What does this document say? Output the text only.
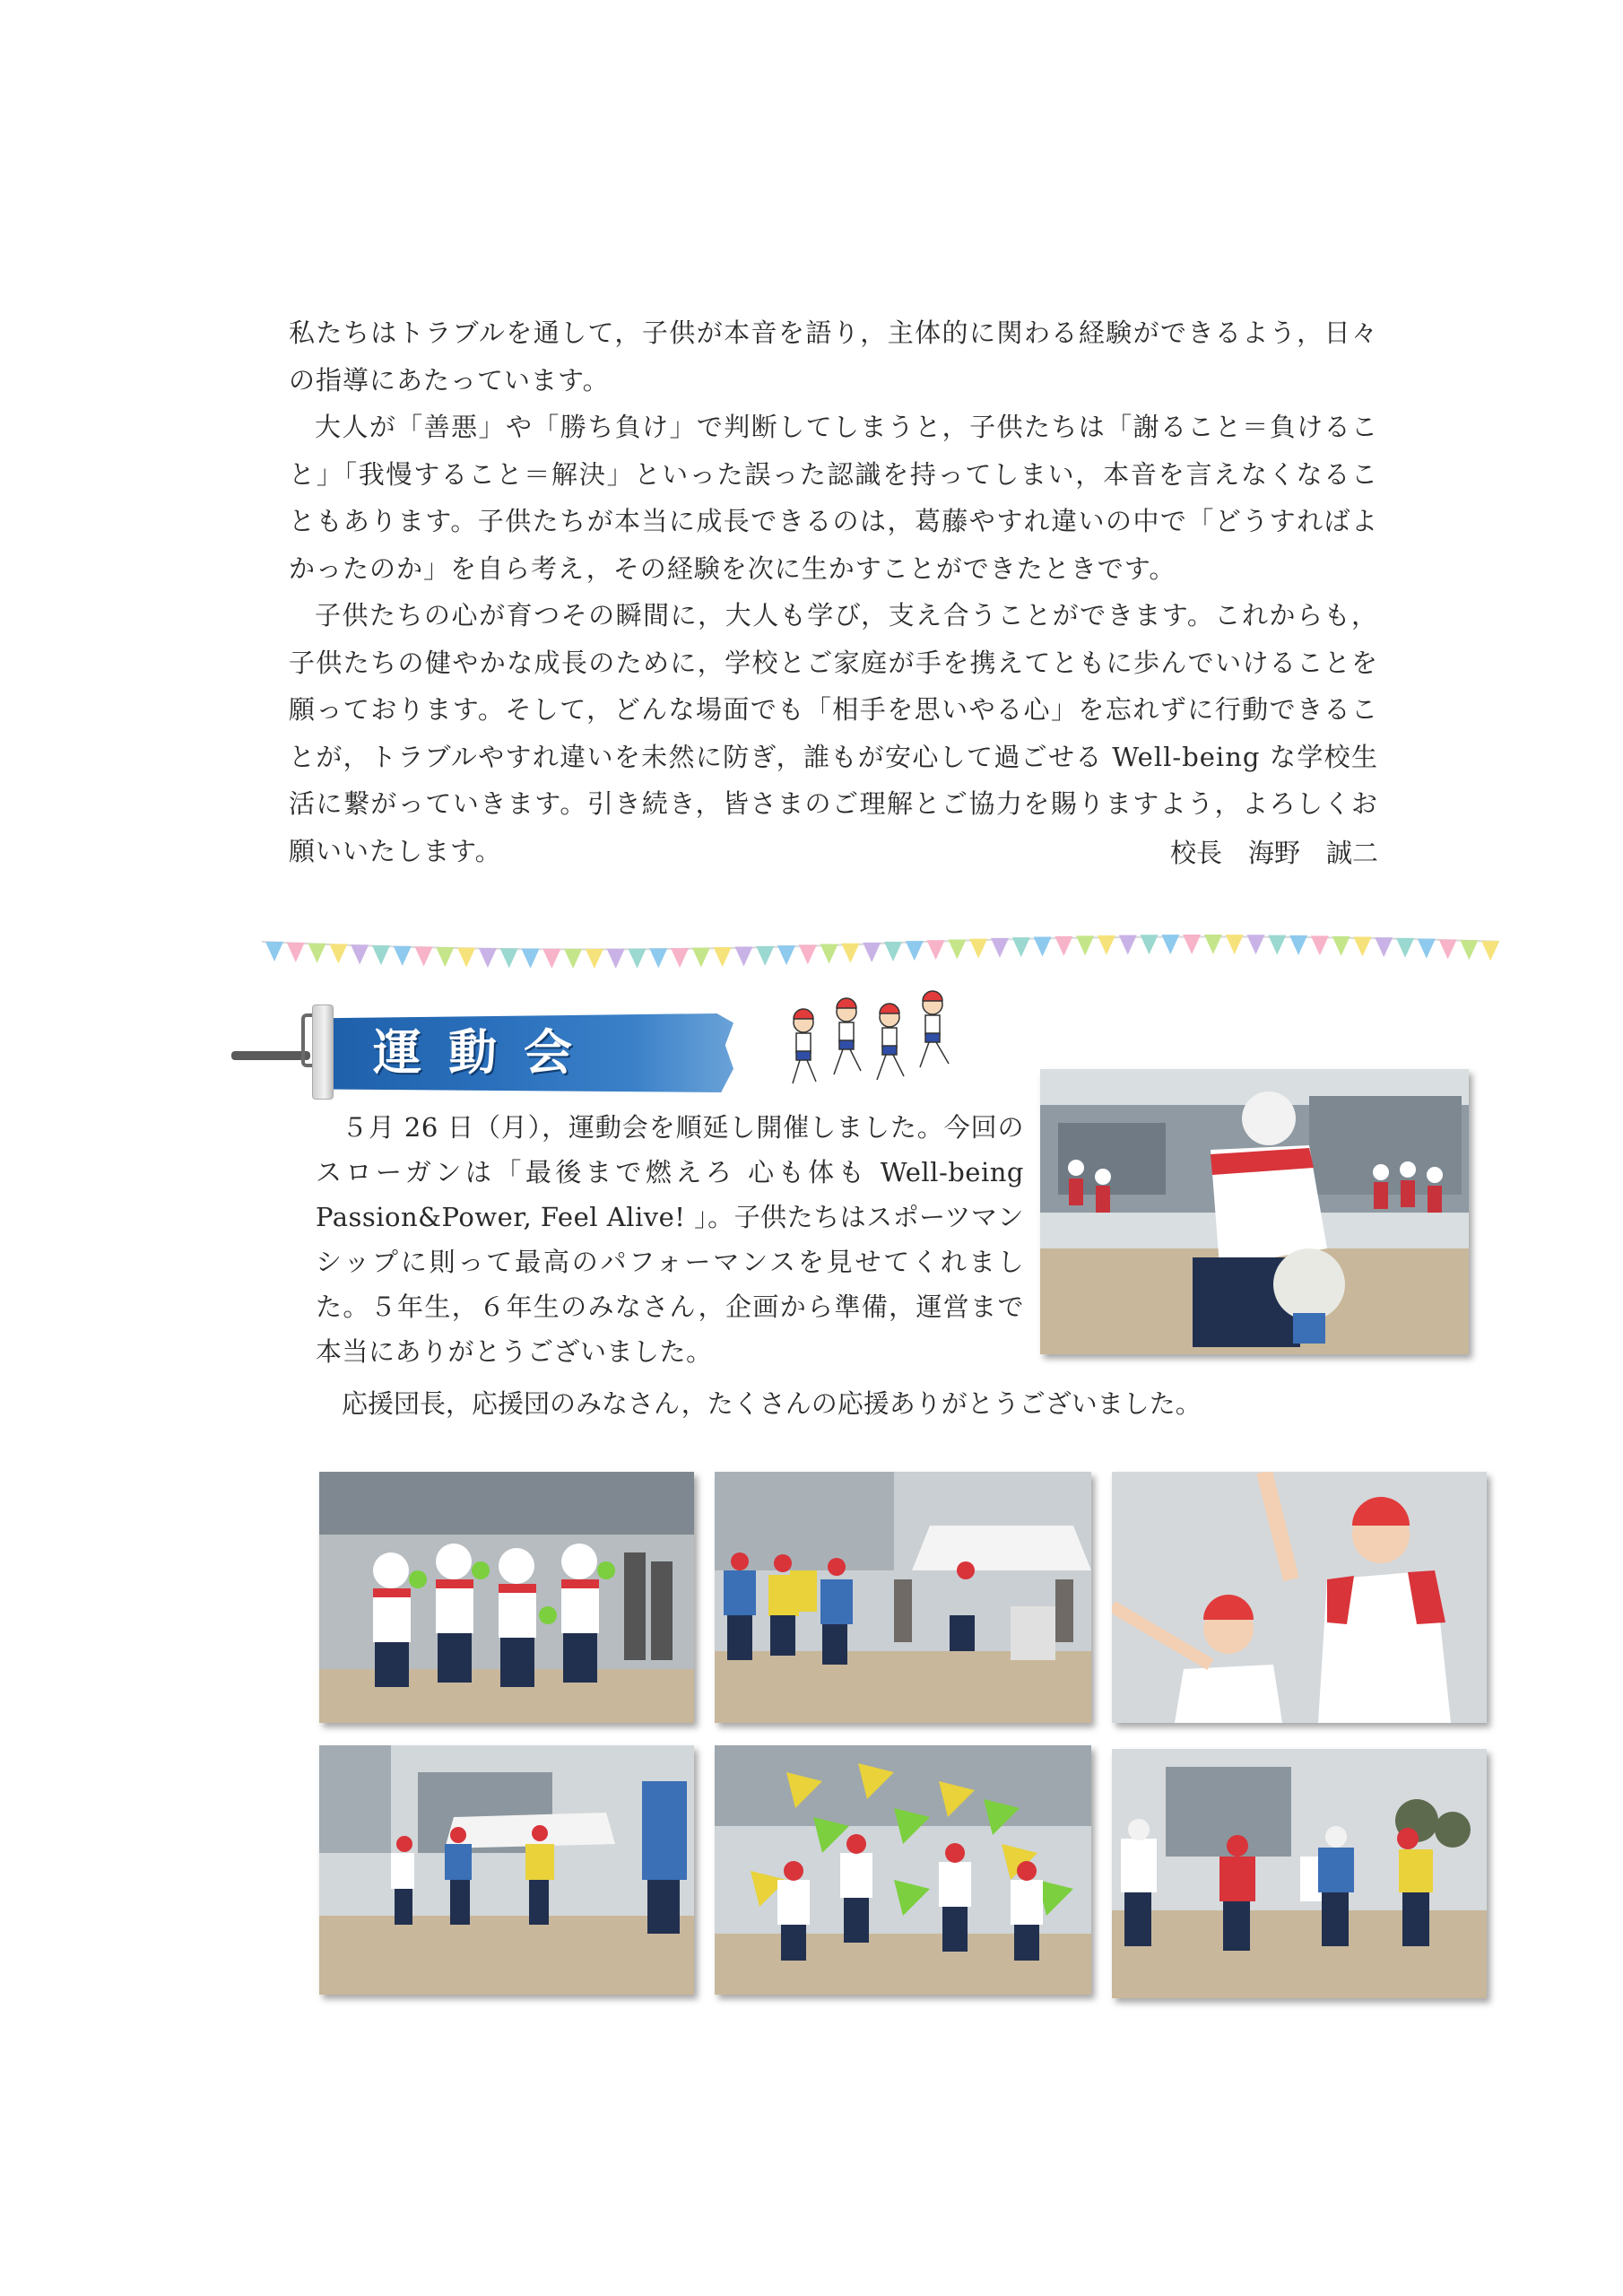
私たちはトラブルを通して，子供が本音を語り，主体的に関わる経験ができるよう，日々の指導にあたっています。

大人が「善悪」や「勝ち負け」で判断してしまうと，子供たちは「謝ること＝負けること」「我慢すること＝解決」といった誤った認識を持ってしまい，本音を言えなくなることもあります。子供たちが本当に成長できるのは，葛藤やすれ違いの中で「どうすればよかったのか」を自ら考え，その経験を次に生かすことができたときです。

子供たちの心が育つその瞬間に，大人も学び，支え合うことができます。これからも，子供たちの健やかな成長のために，学校とご家庭が手を携えてともに歩んでいけることを願っております。そして，どんな場面でも「相手を思いやる心」を忘れずに行動できることが，トラブルやすれ違いを未然に防ぎ，誰もが安心して過ごせる Well-being な学校生活に繋がっていきます。引き続き，皆さまのご理解とご協力を賜りますよう，よろしくお願いいたします。	校長　海野　誠二
運動会

５月 26 日（月），運動会を順延し開催しました。今回のスローガンは「最後まで燃えろ 心も体も Well-being Passion&Power, Feel Alive! 」。子供たちはスポーツマンシップに則って最高のパフォーマンスを見せてくれました。５年生，６年生のみなさん，企画から準備，運営まで本当にありがとうございました。

応援団長，応援団のみなさん，たくさんの応援ありがとうございました。
